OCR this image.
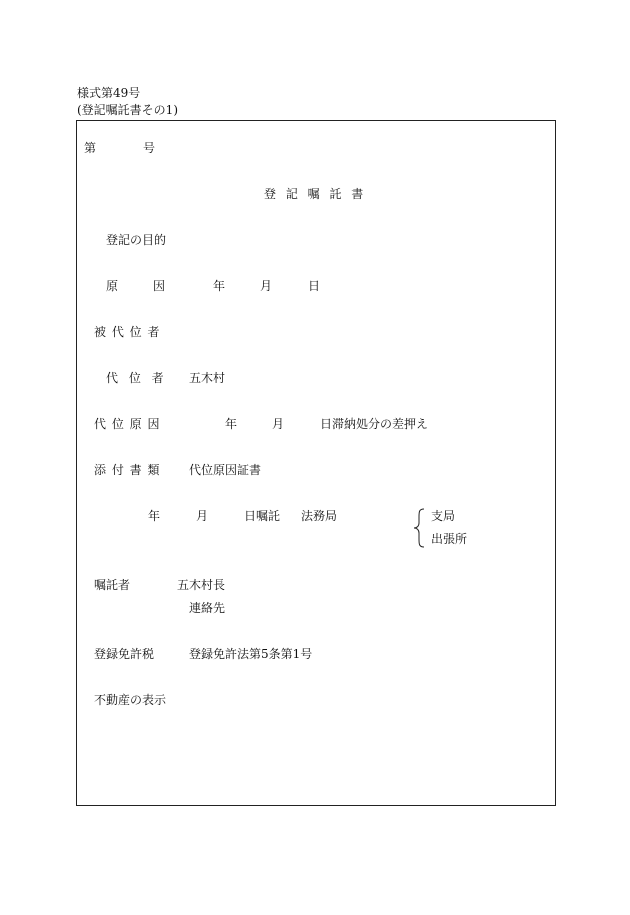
様式第49号
(登記嘱託書その1)
第	号
登 記 嘱 託 書
登記の目的
原	因	年	月	日
被 代 位 者
代 位 者 五木村
代 位 原 因	年	月	日滞納処分の差押え
添 付 書 類 代位原因証書
年	月	日嘱託 法務局	支局
出張所
嘱託者	五木村長
連絡先
登録免許税	登録免許法第5条第1号
不動産の表示
